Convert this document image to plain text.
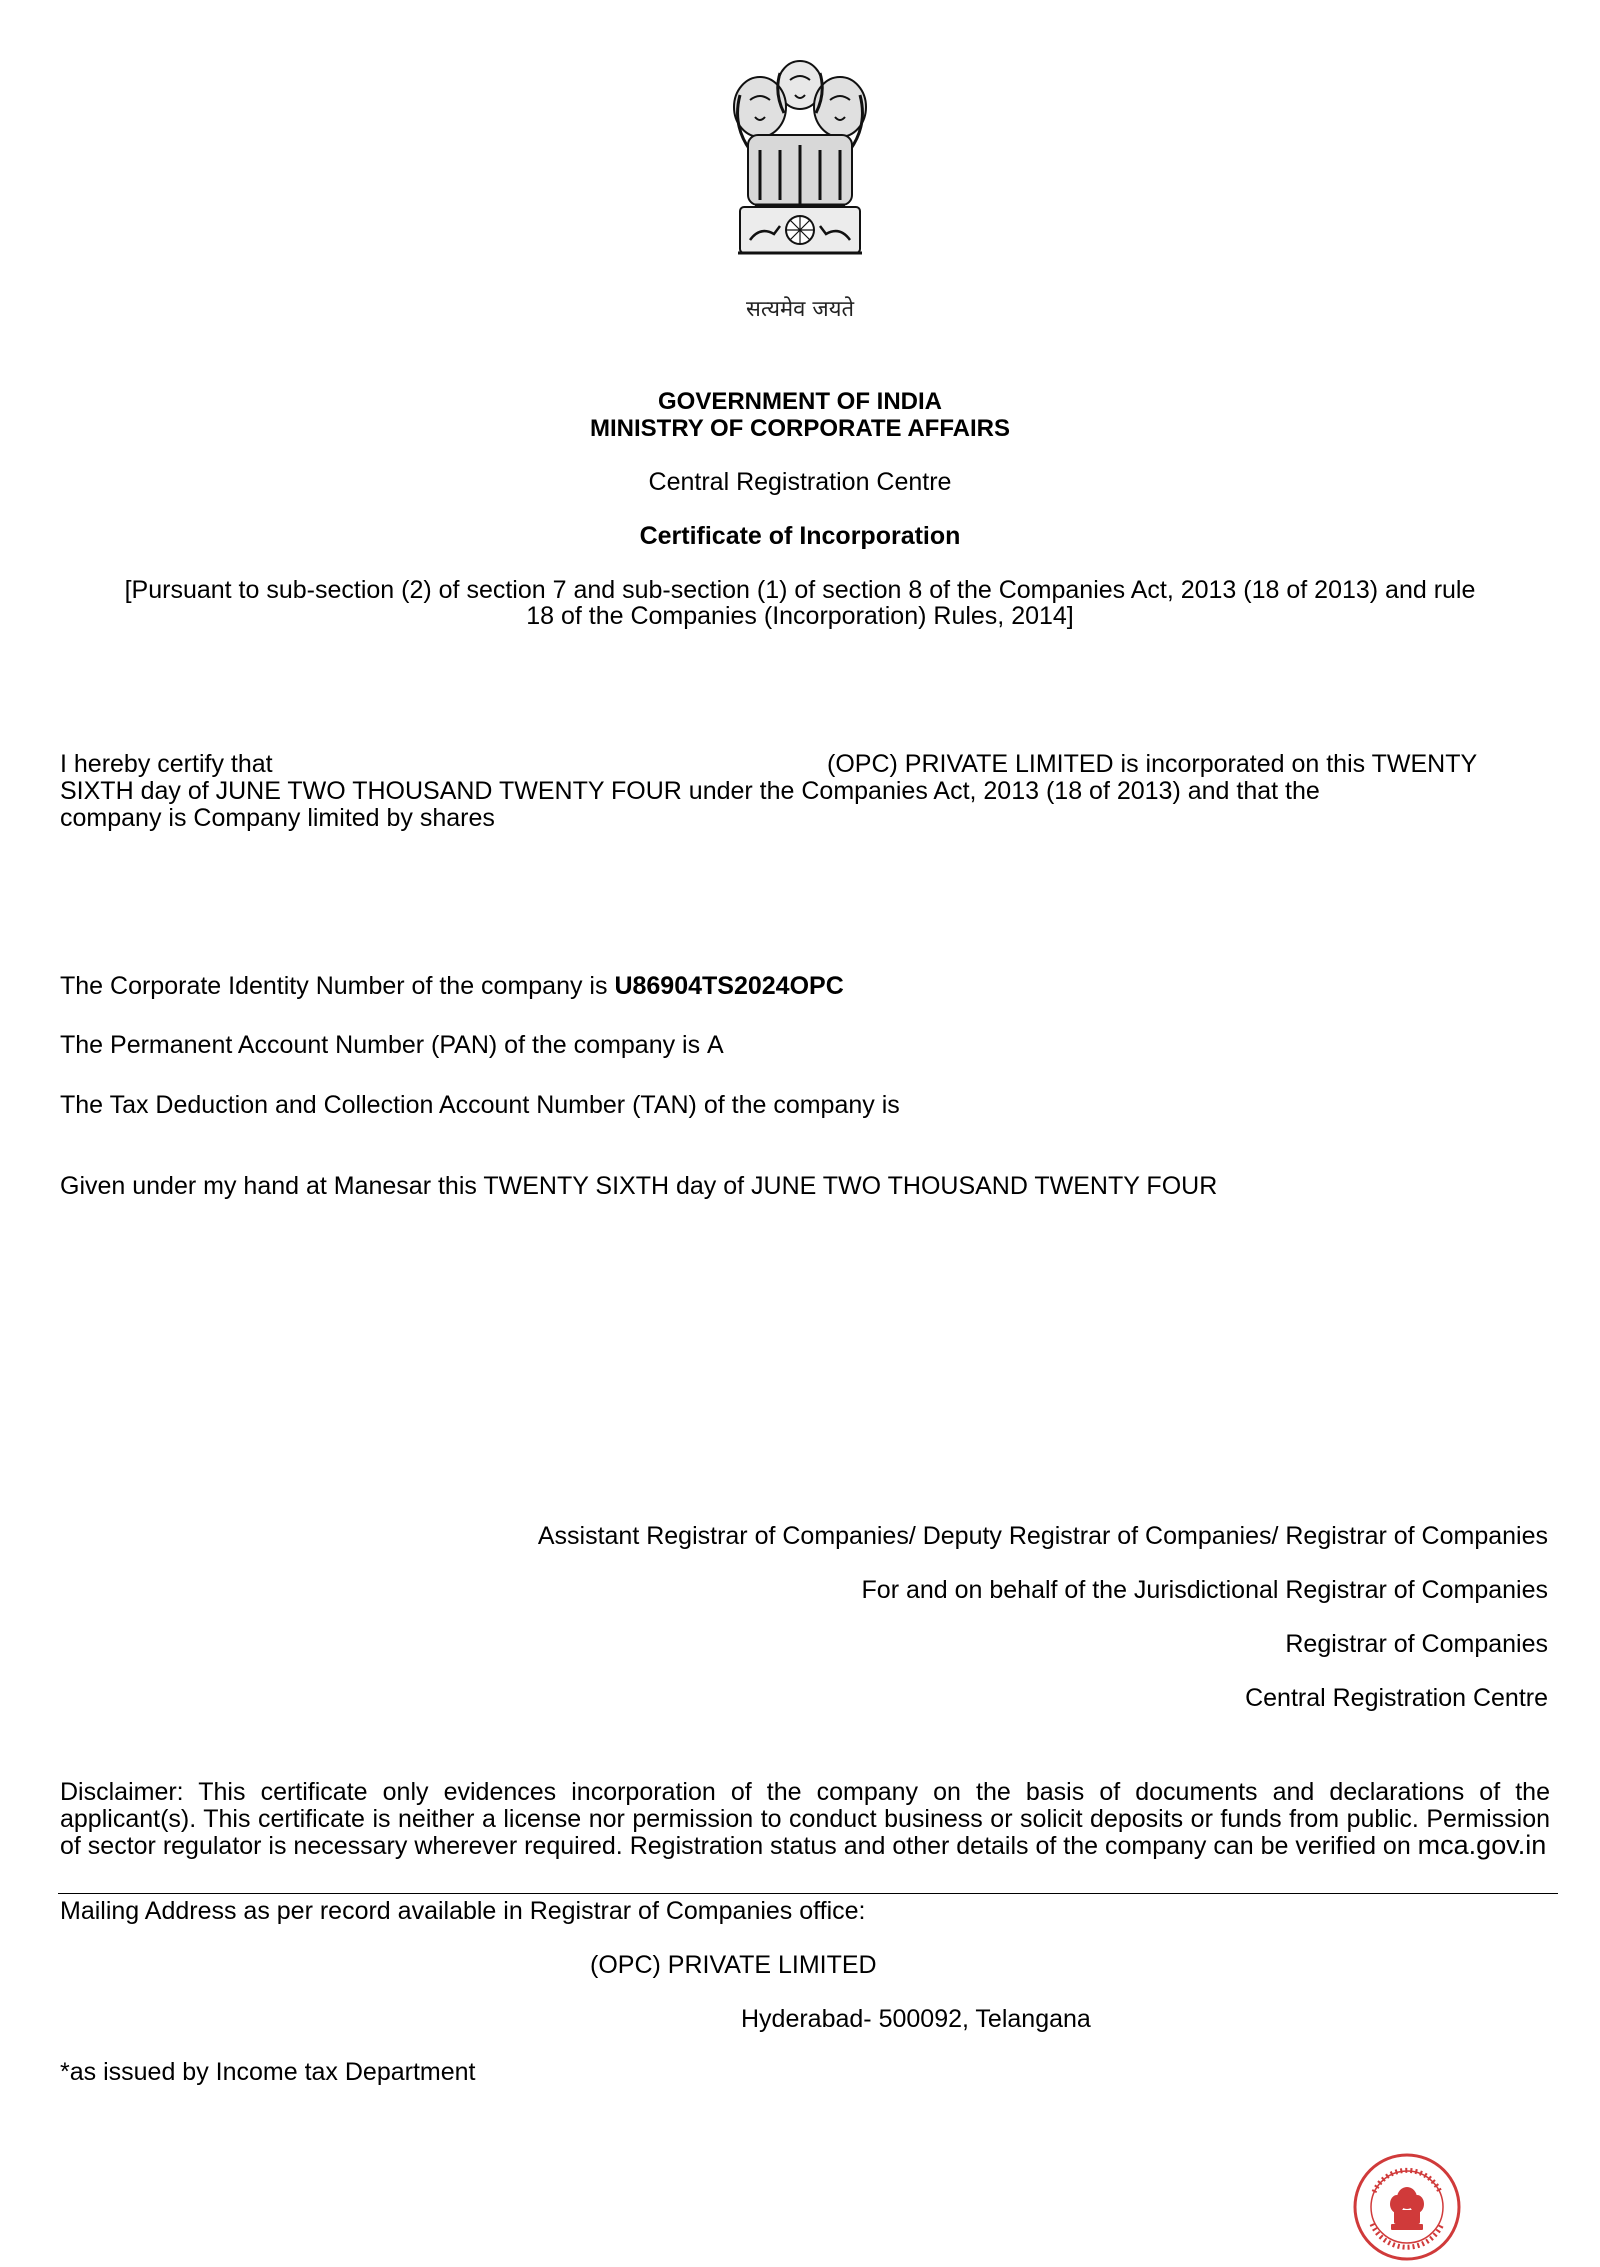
सत्यमेव जयते
GOVERNMENT OF INDIA
MINISTRY OF CORPORATE AFFAIRS
Central Registration Centre
Certificate of Incorporation
[Pursuant to sub-section (2) of section 7 and sub-section (1) of section 8 of the Companies Act, 2013 (18 of 2013) and rule
18 of the Companies (Incorporation) Rules, 2014]
I hereby certify that	(OPC) PRIVATE LIMITED is incorporated on this TWENTY
SIXTH day of JUNE TWO THOUSAND TWENTY FOUR under the Companies Act, 2013 (18 of 2013) and that the
company is Company limited by shares
The Corporate Identity Number of the company is U86904TS2024OPC
The Permanent Account Number (PAN) of the company is A
The Tax Deduction and Collection Account Number (TAN) of the company is
Given under my hand at Manesar this TWENTY SIXTH day of JUNE TWO THOUSAND TWENTY FOUR
Assistant Registrar of Companies/ Deputy Registrar of Companies/ Registrar of Companies
For and on behalf of the Jurisdictional Registrar of Companies
Registrar of Companies
Central Registration Centre
Disclaimer: This certificate only evidences incorporation of the company on the basis of documents and declarations of the applicant(s). This certificate is neither a license nor permission to conduct business or solicit deposits or funds from public. Permission of sector regulator is necessary wherever required. Registration status and other details of the company can be verified on mca.gov.in
Mailing Address as per record available in Registrar of Companies office:
(OPC) PRIVATE LIMITED
Hyderabad- 500092, Telangana
*as issued by Income tax Department
